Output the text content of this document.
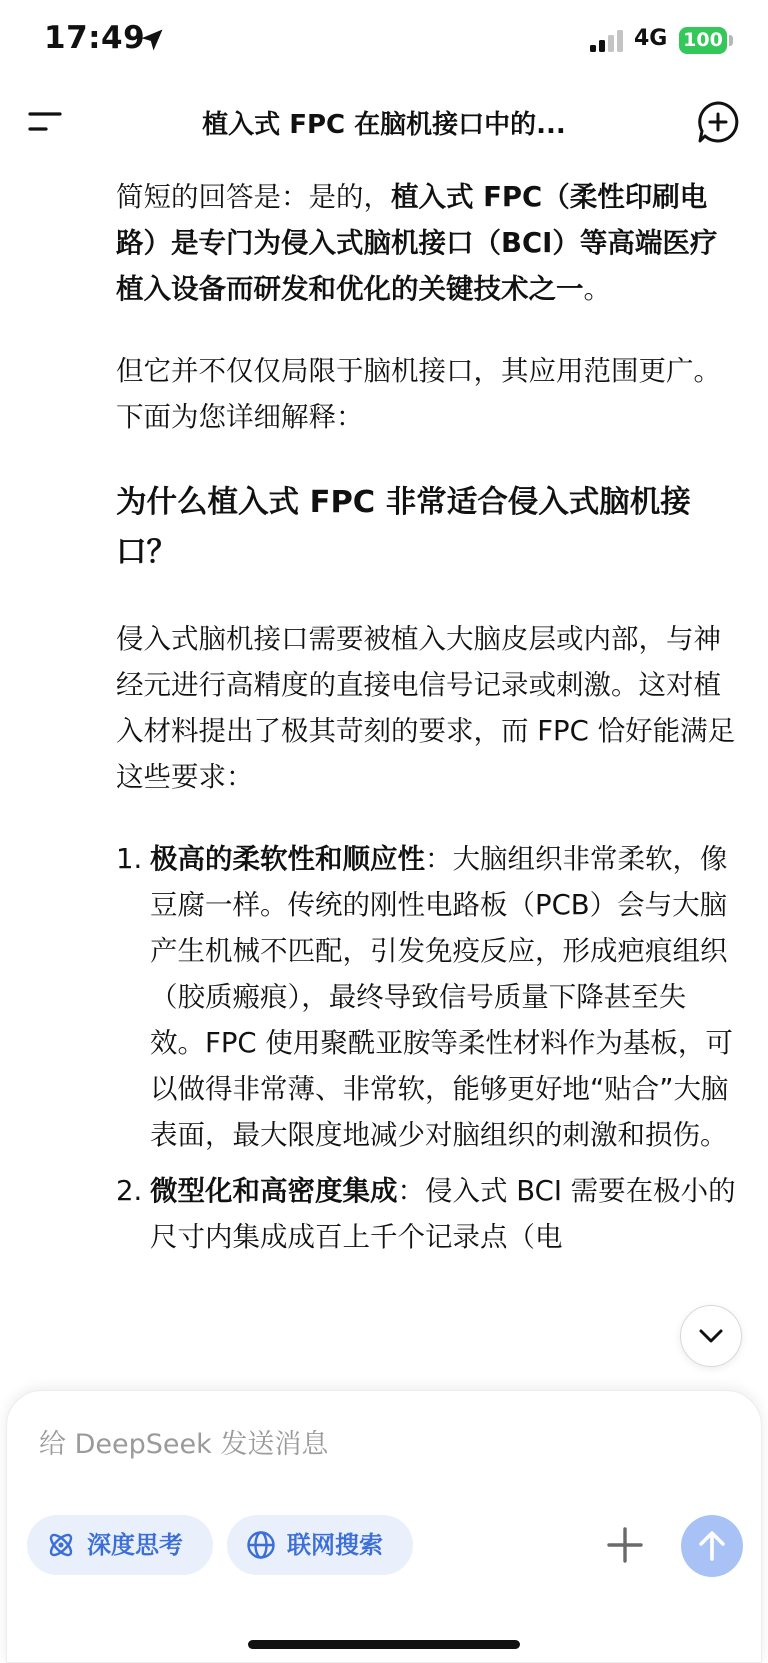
17:49	4G 100
植入式 FPC 在脑机接口中的...

简短的回答是：是的，植入式 FPC（柔性印刷电路）是专门为侵入式脑机接口（BCI）等高端医疗植入设备而研发和优化的关键技术之一。

但它并不仅仅局限于脑机接口，其应用范围更广。下面为您详细解释：

为什么植入式 FPC 非常适合侵入式脑机接口？

侵入式脑机接口需要被植入大脑皮层或内部，与神经元进行高精度的直接电信号记录或刺激。这对植入材料提出了极其苛刻的要求，而 FPC 恰好能满足这些要求：

1. 极高的柔软性和顺应性：大脑组织非常柔软，像豆腐一样。传统的刚性电路板（PCB）会与大脑产生机械不匹配，引发免疫反应，形成疤痕组织（胶质瘢痕），最终导致信号质量下降甚至失效。FPC 使用聚酰亚胺等柔性材料作为基板，可以做得非常薄、非常软，能够更好地“贴合”大脑表面，最大限度地减少对脑组织的刺激和损伤。
2. 微型化和高密度集成：侵入式 BCI 需要在极小的尺寸内集成成百上千个记录点（电
给 DeepSeek 发送消息
深度思考	联网搜索
